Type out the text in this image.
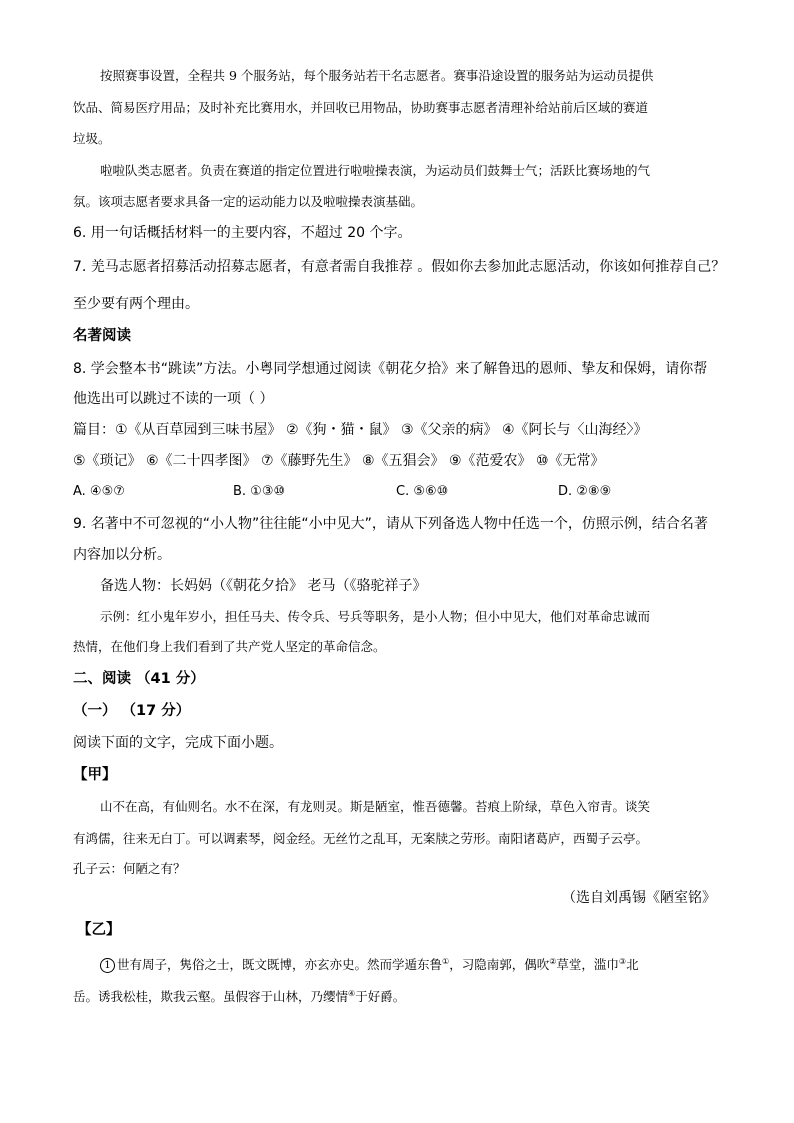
按照赛事设置，全程共 9 个服务站，每个服务站若干名志愿者。赛事沿途设置的服务站为运动员提供
饮品、简易医疗用品；及时补充比赛用水，并回收已用物品，协助赛事志愿者清理补给站前后区域的赛道
垃圾。
啦啦队类志愿者。负责在赛道的指定位置进行啦啦操表演，为运动员们鼓舞士气；活跃比赛场地的气
氛。该项志愿者要求具备一定的运动能力以及啦啦操表演基础。
6. 用一句话概括材料一的主要内容，不超过 20 个字。
7. 羌马志愿者招募活动招募志愿者，有意者需自我推荐 。假如你去参加此志愿活动，你该如何推荐自己？
至少要有两个理由。
名著阅读
8. 学会整本书“跳读”方法。小粤同学想通过阅读《朝花夕拾》来了解鲁迅的恩师、挚友和保姆，请你帮
他选出可以跳过不读的一项（ ）
篇目：①《从百草园到三味书屋》 ②《狗・猫・鼠》 ③《父亲的病》 ④《阿长与〈山海经〉》
⑤《琐记》 ⑥《二十四孝图》 ⑦《藤野先生》 ⑧《五猖会》 ⑨《范爱农》 ⑩《无常》
A. ④⑤⑦	B. ①③⑩	C. ⑤⑥⑩	D. ②⑧⑨
9. 名著中不可忽视的“小人物”往往能“小中见大”，请从下列备选人物中任选一个，仿照示例，结合名著
内容加以分析。
备选人物：长妈妈（《朝花夕拾》 老马（《骆驼祥子》
示例：红小鬼年岁小，担任马夫、传令兵、号兵等职务，是小人物；但小中见大，他们对革命忠诚而
热情，在他们身上我们看到了共产党人坚定的革命信念。
二、阅读 （41 分）
（一） （17 分）
阅读下面的文字，完成下面小题。
【甲】
山不在高，有仙则名。水不在深，有龙则灵。斯是陋室，惟吾德馨。苔痕上阶绿，草色入帘青。谈笑
有鸿儒，往来无白丁。可以调素琴，阅金经。无丝竹之乱耳，无案牍之劳形。南阳诸葛庐，西蜀子云亭。
孔子云：何陋之有？
（选自刘禹锡《陋室铭》
【乙】
1 世有周子，隽俗之士，既文既博，亦玄亦史。然而学遁东鲁①，习隐南郭，偶吹②草堂，滥巾③北
岳。诱我松桂，欺我云壑。虽假容于山林，乃缨情④于好爵。
